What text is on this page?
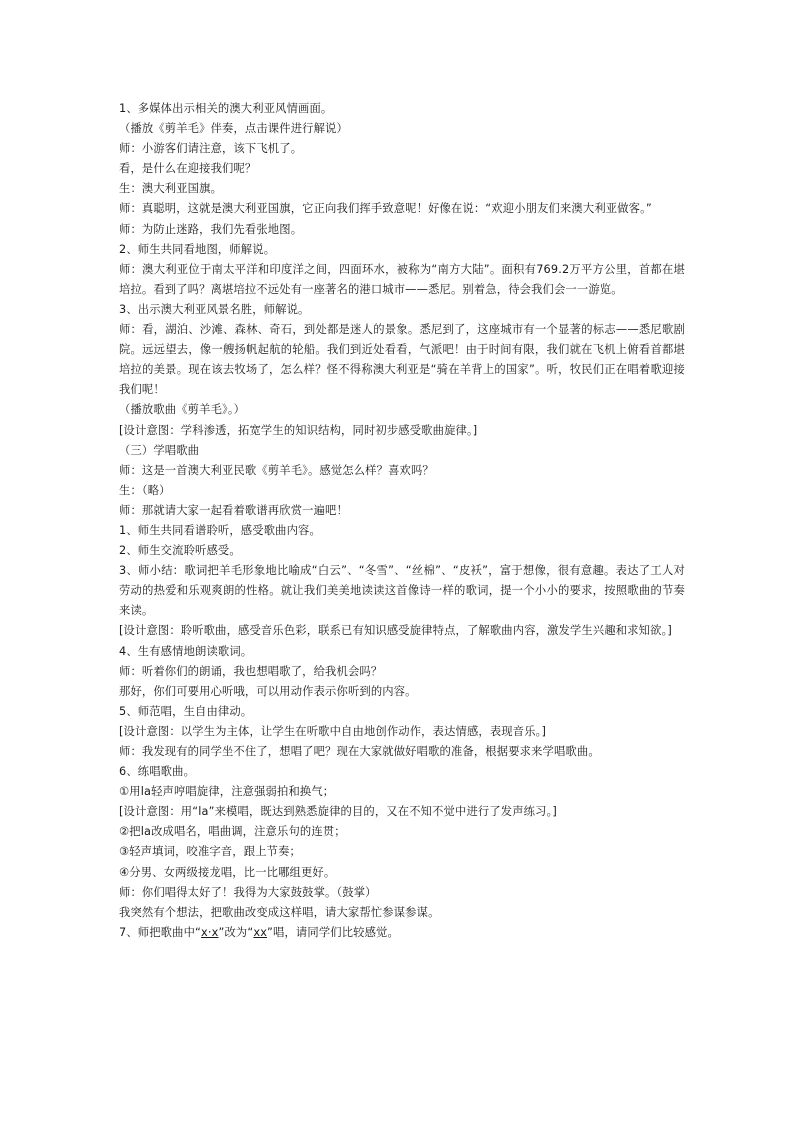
1、多媒体出示相关的澳大利亚风情画面。
（播放《剪羊毛》伴奏，点击课件进行解说）
师：小游客们请注意，该下飞机了。
看，是什么在迎接我们呢？
生：澳大利亚国旗。
师：真聪明，这就是澳大利亚国旗，它正向我们挥手致意呢！好像在说：“欢迎小朋友们来澳大利亚做客。”
师：为防止迷路，我们先看张地图。
2、师生共同看地图，师解说。
师：澳大利亚位于南太平洋和印度洋之间，四面环水，被称为“南方大陆”。面积有769.2万平方公里，首都在堪培拉。看到了吗？离堪培拉不远处有一座著名的港口城市——悉尼。别着急，待会我们会一一游览。
3、出示澳大利亚风景名胜，师解说。
师：看，湖泊、沙滩、森林、奇石，到处都是迷人的景象。悉尼到了，这座城市有一个显著的标志——悉尼歌剧院。远远望去，像一艘扬帆起航的轮船。我们到近处看看，气派吧！由于时间有限，我们就在飞机上俯看首都堪培拉的美景。现在该去牧场了，怎么样？怪不得称澳大利亚是“骑在羊背上的国家”。听，牧民们正在唱着歌迎接我们呢！
（播放歌曲《剪羊毛》。）
[设计意图：学科渗透，拓宽学生的知识结构，同时初步感受歌曲旋律。]
（三）学唱歌曲
师：这是一首澳大利亚民歌《剪羊毛》。感觉怎么样？喜欢吗？
生：（略）
师：那就请大家一起看着歌谱再欣赏一遍吧！
1、师生共同看谱聆听，感受歌曲内容。
2、师生交流聆听感受。
3、师小结：歌词把羊毛形象地比喻成“白云”、“冬雪”、“丝棉”、“皮袄”，富于想像，很有意趣。表达了工人对劳动的热爱和乐观爽朗的性格。就让我们美美地读读这首像诗一样的歌词，提一个小小的要求，按照歌曲的节奏来读。
[设计意图：聆听歌曲，感受音乐色彩，联系已有知识感受旋律特点，了解歌曲内容，激发学生兴趣和求知欲。]
4、生有感情地朗读歌词。
师：听着你们的朗诵，我也想唱歌了，给我机会吗？
那好，你们可要用心听哦，可以用动作表示你听到的内容。
5、师范唱，生自由律动。
[设计意图：以学生为主体，让学生在听歌中自由地创作动作，表达情感，表现音乐。]
师：我发现有的同学坐不住了，想唱了吧？现在大家就做好唱歌的准备，根据要求来学唱歌曲。
6、练唱歌曲。
①用la轻声哼唱旋律，注意强弱拍和换气；
[设计意图：用“la”来模唱，既达到熟悉旋律的目的，又在不知不觉中进行了发声练习。]
②把la改成唱名，唱曲调，注意乐句的连贯；
③轻声填词，咬准字音，跟上节奏；
④分男、女两级接龙唱，比一比哪组更好。
师：你们唱得太好了！我得为大家鼓鼓掌。（鼓掌）
我突然有个想法，把歌曲改变成这样唱，请大家帮忙参谋参谋。
7、师把歌曲中“x·x”改为“xx”唱，请同学们比较感觉。
